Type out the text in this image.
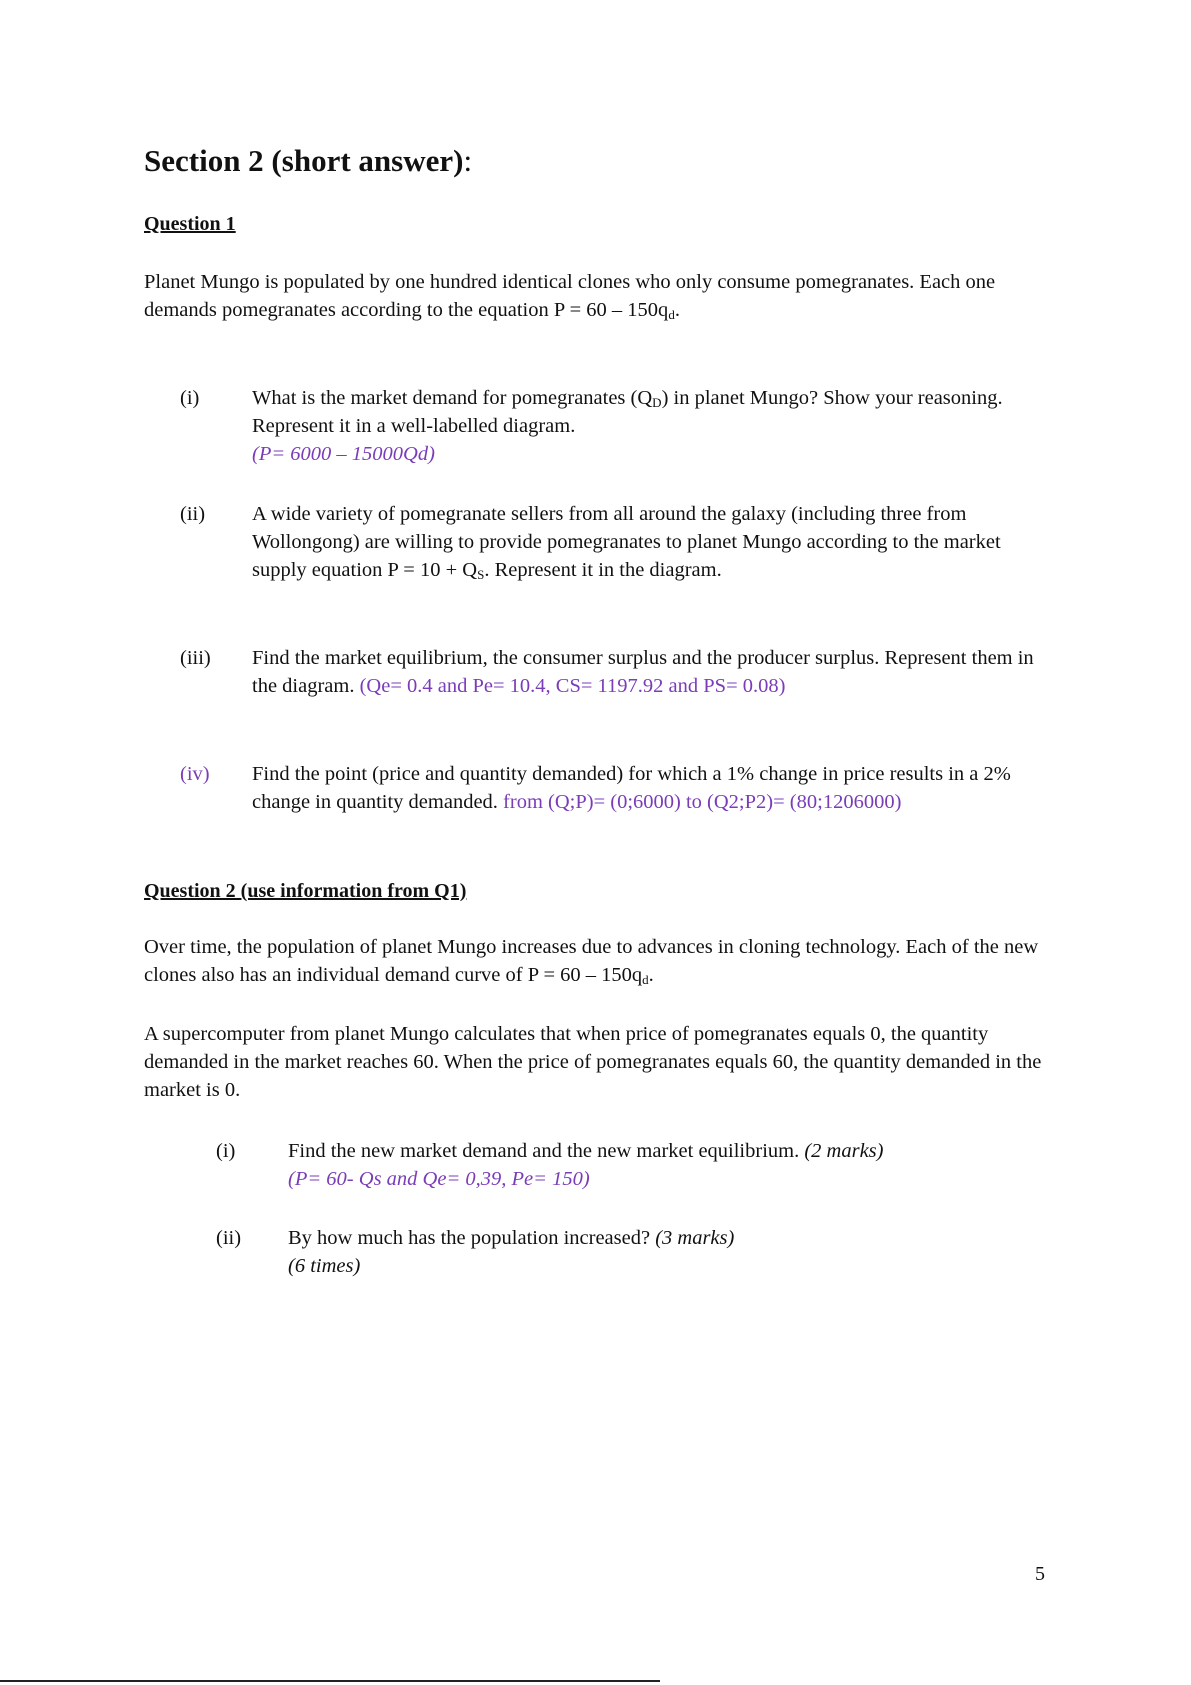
Section 2 (short answer):
Question 1
Planet Mungo is populated by one hundred identical clones who only consume pomegranates. Each one demands pomegranates according to the equation $P = 60 - 150q_d$.
(i)	What is the market demand for pomegranates $(Q_D)$ in planet Mungo? Show your reasoning. Represent it in a well-labelled diagram.
(P= 6000 – 15000Qd)
(ii) A wide variety of pomegranate sellers from all around the galaxy (including three from Wollongong) are willing to provide pomegranates to planet Mungo according to the market supply equation $P = 10 + Q_S$. Represent it in the diagram.
(iii) Find the market equilibrium, the consumer surplus and the producer surplus. Represent them in the diagram. (Qe= 0.4 and Pe= 10.4, CS= 1197.92 and PS= 0.08)
(iv) Find the point (price and quantity demanded) for which a 1% change in price results in a 2% change in quantity demanded. from (Q;P)= (0;6000) to (Q2;P2)= (80;1206000)
Question 2 (use information from Q1)
Over time, the population of planet Mungo increases due to advances in cloning technology. Each of the new clones also has an individual demand curve of $P = 60 - 150q_d$.
A supercomputer from planet Mungo calculates that when price of pomegranates equals 0, the quantity demanded in the market reaches 60. When the price of pomegranates equals 60, the quantity demanded in the market is 0.
(i)	Find the new market demand and the new market equilibrium. (2 marks)
(P= 60- Qs and Qe= 0,39, Pe= 150)
(ii) By how much has the population increased? (3 marks)
(6 times)
5
